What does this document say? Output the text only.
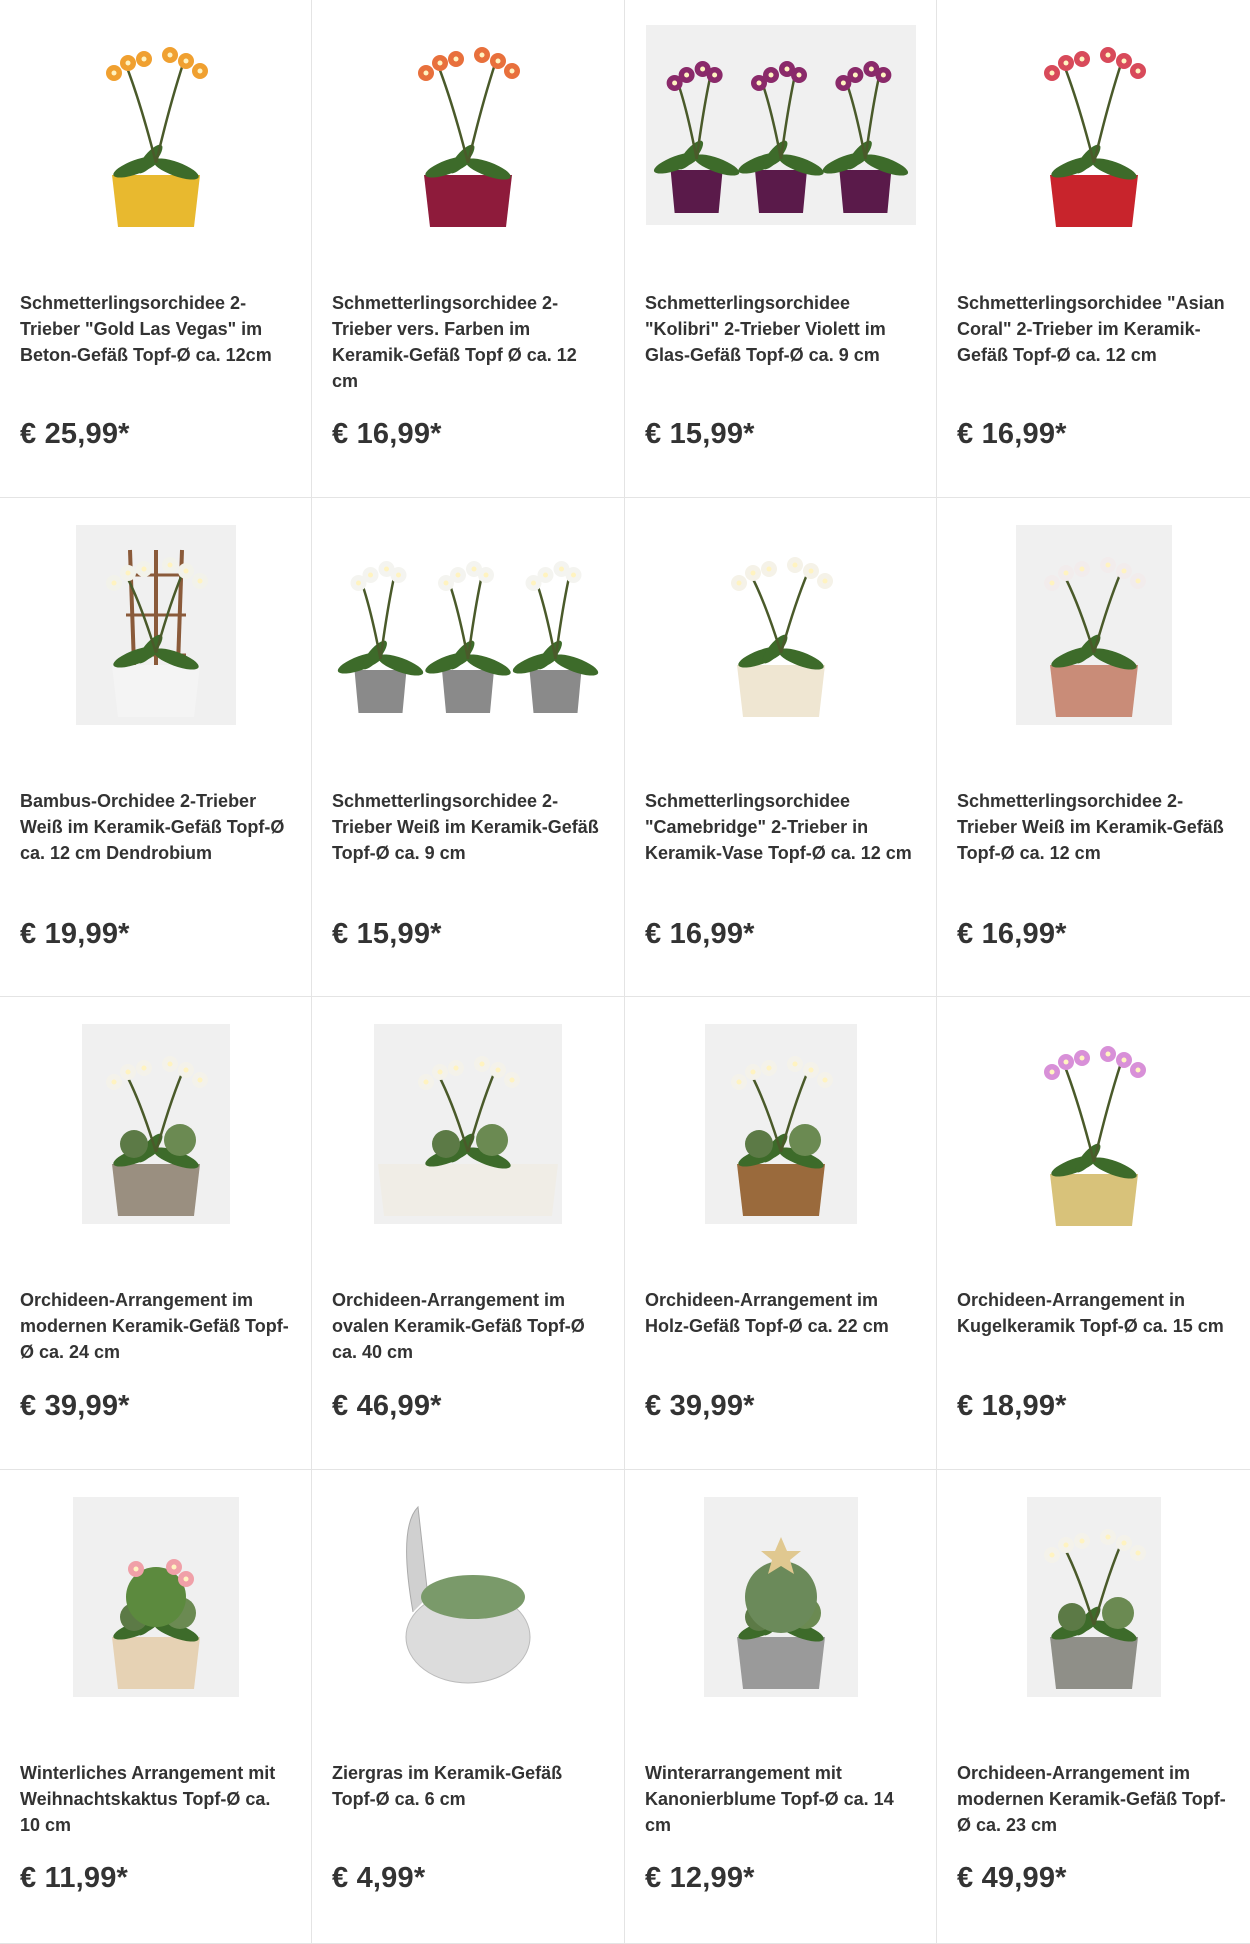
Schmetterlingsorchidee 2-Trieber "Gold Las Vegas" im Beton-Gefäß Topf-Ø ca. 12cm
€ 25,99*
Schmetterlingsorchidee 2-Trieber vers. Farben im Keramik-Gefäß Topf Ø ca. 12 cm
€ 16,99*
Schmetterlingsorchidee "Kolibri" 2-Trieber Violett im Glas-Gefäß Topf-Ø ca. 9 cm
€ 15,99*
Schmetterlingsorchidee "Asian Coral" 2-Trieber im Keramik-Gefäß Topf-Ø ca. 12 cm
€ 16,99*
Bambus-Orchidee 2-Trieber Weiß im Keramik-Gefäß Topf-Ø ca. 12 cm Dendrobium
€ 19,99*
Schmetterlingsorchidee 2-Trieber Weiß im Keramik-Gefäß Topf-Ø ca. 9 cm
€ 15,99*
Schmetterlingsorchidee "Camebridge" 2-Trieber in Keramik-Vase Topf-Ø ca. 12 cm
€ 16,99*
Schmetterlingsorchidee 2-Trieber Weiß im Keramik-Gefäß Topf-Ø ca. 12 cm
€ 16,99*
Orchideen-Arrangement im modernen Keramik-Gefäß Topf-Ø ca. 24 cm
€ 39,99*
Orchideen-Arrangement im ovalen Keramik-Gefäß Topf-Ø ca. 40 cm
€ 46,99*
Orchideen-Arrangement im Holz-Gefäß Topf-Ø ca. 22 cm
€ 39,99*
Orchideen-Arrangement in Kugelkeramik Topf-Ø ca. 15 cm
€ 18,99*
Winterliches Arrangement mit Weihnachtskaktus Topf-Ø ca. 10 cm
€ 11,99*
Ziergras im Keramik-Gefäß Topf-Ø ca. 6 cm
€ 4,99*
Winterarrangement mit Kanonierblume Topf-Ø ca. 14 cm
€ 12,99*
Orchideen-Arrangement im modernen Keramik-Gefäß Topf-Ø ca. 23 cm
€ 49,99*
